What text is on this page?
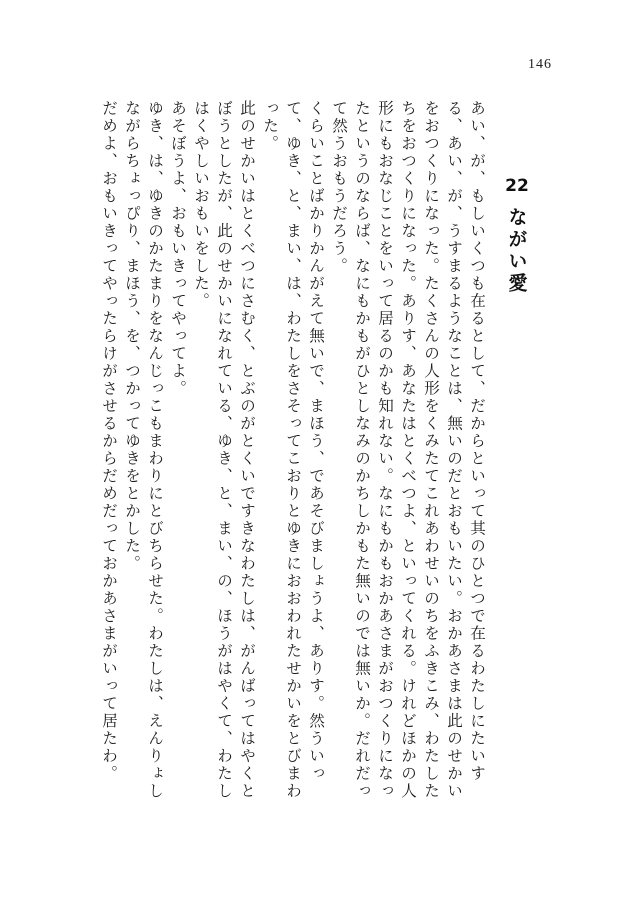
146
22
ながい愛

あい、が、もしいくつも在るとして、だからといって其のひとつで在るわたしにたいする、あい、が、うすまるようなことは、無いのだとおもいたい。おかあさまは此のせかいをおつくりになった。たくさんの人形をくみたてこれあわせいのちをふきこみ、わたしたちをおつくりになった。ありす、あなたはとくべつよ、といってくれる。けれどほかの人形にもおなじことをいって居るのかも知れない。なにもかもおかあさまがおつくりになったというのならば、なにもかもがひとしなみのかちしかもた無いのでは無いか。だれだって然うおもうだろう。

くらいことばかりかんがえて無いで、まほう、であそびましょうよ、ありす。然ういって、ゆき、と、まい、は、わたしをさそってこおりとゆきにおおわれたせかいをとびまわった。

此のせかいはとくべつにさむく、とぶのがとくいですきなわたしは、がんばってはやくとぼうとしたが、此のせかいになれている、ゆき、と、まい、の、ほうがはやくて、わたしはくやしいおもいをした。

あそぼうよ、おもいきってやってよ。

ゆき、は、ゆきのかたまりをなんじっこもまわりにとびちらせた。わたしは、えんりょしながらちょっぴり、まほう、を、つかってゆきをとかした。

だめよ、おもいきってやったらけがさせるからだめだっておかあさまがいって居たわ。
